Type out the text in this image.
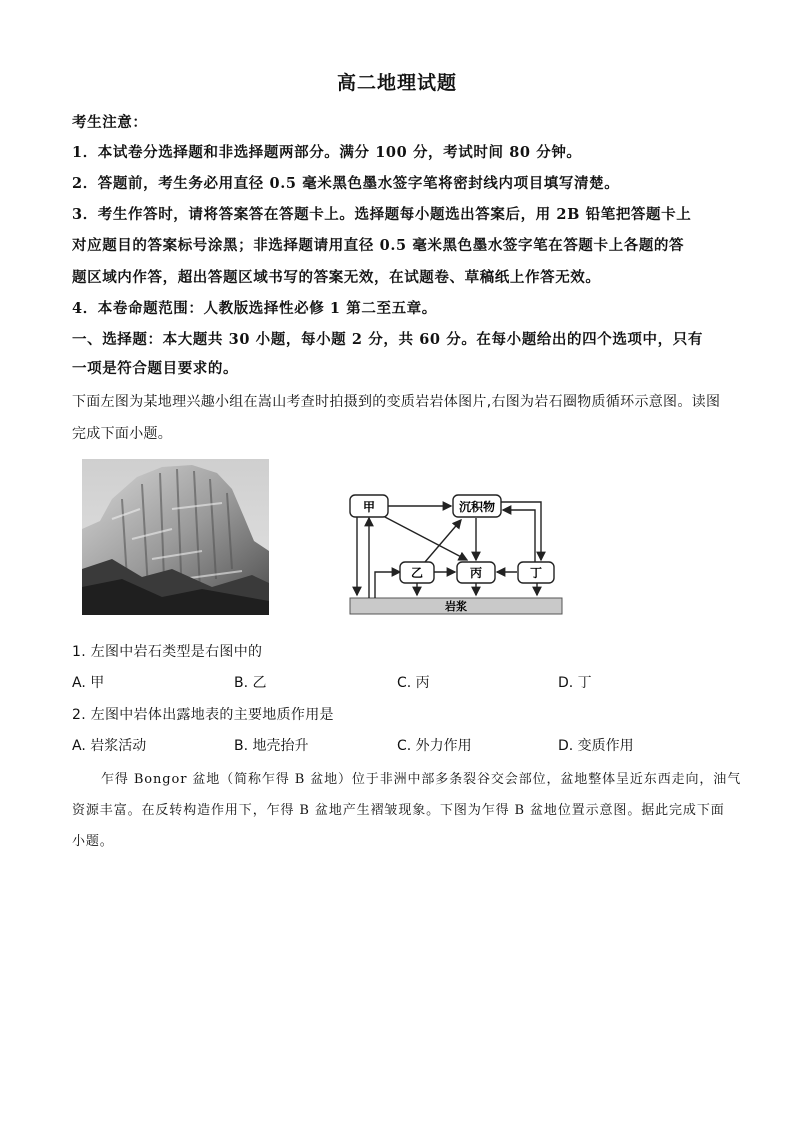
高二地理试题
考生注意：
1．本试卷分选择题和非选择题两部分。满分 100 分，考试时间 80 分钟。
2．答题前，考生务必用直径 0.5 毫米黑色墨水签字笔将密封线内项目填写清楚。
3．考生作答时，请将答案答在答题卡上。选择题每小题选出答案后，用 2B 铅笔把答题卡上
对应题目的答案标号涂黑；非选择题请用直径 0.5 毫米黑色墨水签字笔在答题卡上各题的答
题区域内作答，超出答题区域书写的答案无效，在试题卷、草稿纸上作答无效。
4．本卷命题范围：人教版选择性必修 1 第二至五章。
一、选择题：本大题共 30 小题，每小题 2 分，共 60 分。在每小题给出的四个选项中，只有
一项是符合题目要求的。
下面左图为某地理兴趣小组在嵩山考查时拍摄到的变质岩岩体图片,右图为岩石圈物质循环示意图。读图
完成下面小题。
岩浆
甲	沉积物
乙	丙	丁
1. 左图中岩石类型是右图中的
A. 甲	B. 乙	C. 丙	D. 丁
2. 左图中岩体出露地表的主要地质作用是
A. 岩浆活动	B. 地壳抬升	C. 外力作用	D. 变质作用
乍得 Bongor 盆地（简称乍得 B 盆地）位于非洲中部多条裂谷交会部位，盆地整体呈近东西走向，油气
资源丰富。在反转构造作用下，乍得 B 盆地产生褶皱现象。下图为乍得 B 盆地位置示意图。据此完成下面
小题。
